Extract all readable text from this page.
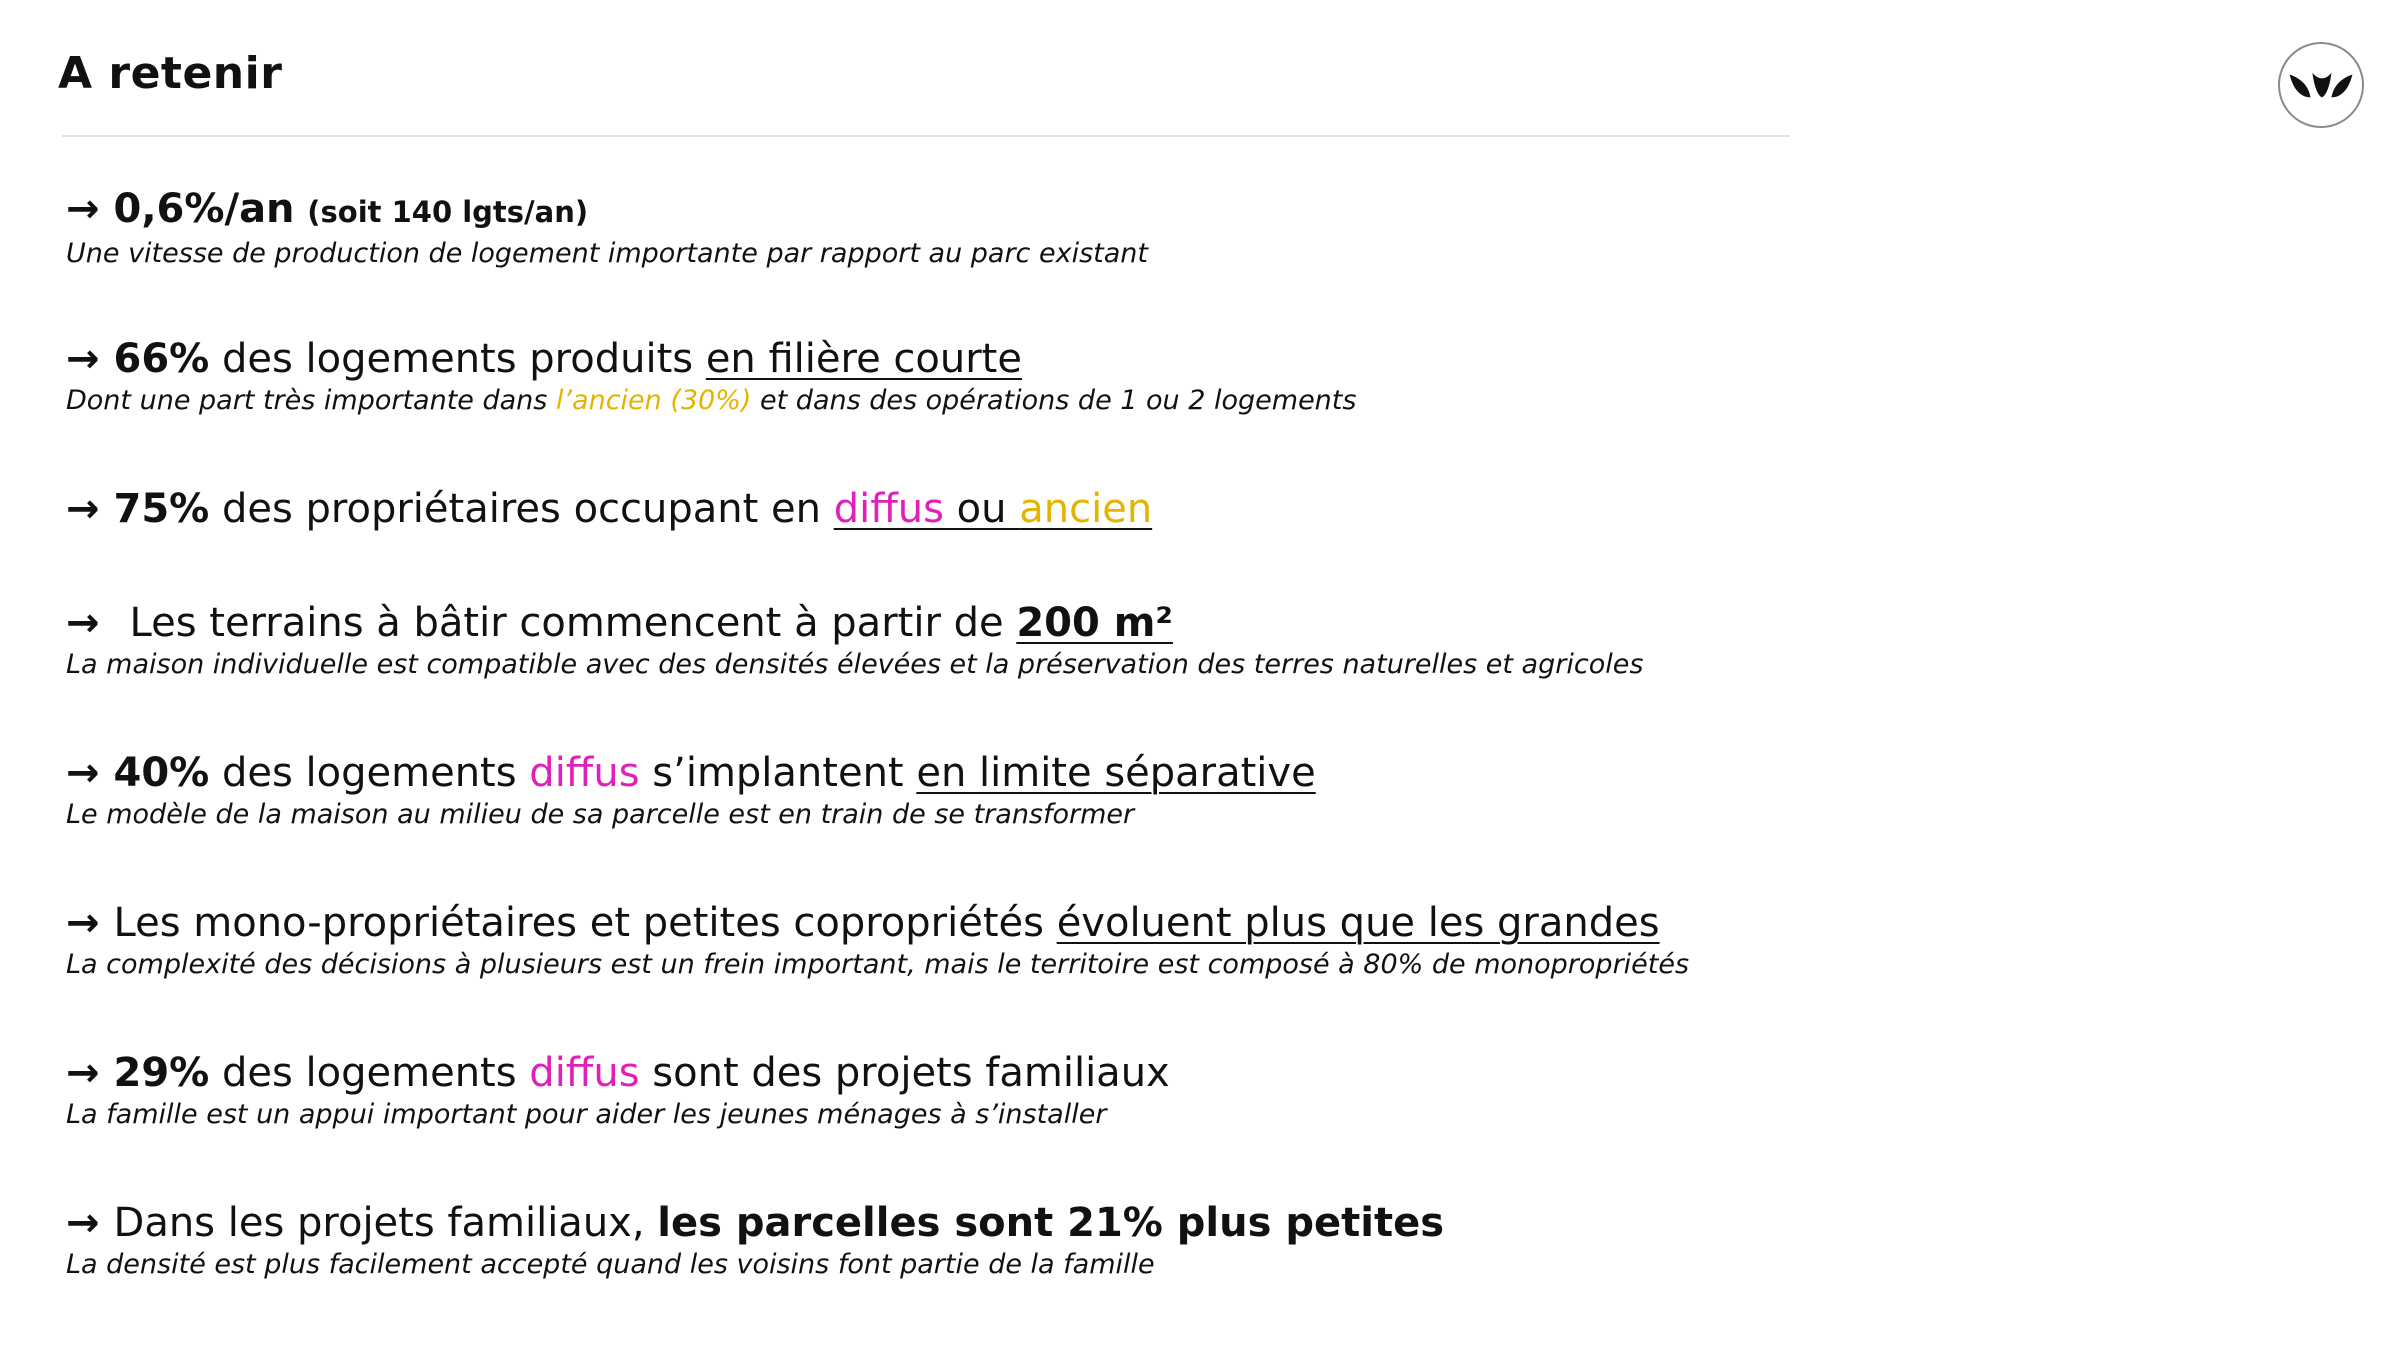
A retenir
→ 0,6%/an (soit 140 lgts/an)
Une vitesse de production de logement importante par rapport au parc existant
→ 66% des logements produits en filière courte
Dont une part très importante dans l’ancien (30%) et dans des opérations de 1 ou 2 logements
→ 75% des propriétaires occupant en diffus ou ancien
→ Les terrains à bâtir commencent à partir de 200 m²
La maison individuelle est compatible avec des densités élevées et la préservation des terres naturelles et agricoles
→ 40% des logements diffus s’implantent en limite séparative
Le modèle de la maison au milieu de sa parcelle est en train de se transformer
→ Les mono-propriétaires et petites copropriétés évoluent plus que les grandes
La complexité des décisions à plusieurs est un frein important, mais le territoire est composé à 80% de monopropriétés
→ 29% des logements diffus sont des projets familiaux
La famille est un appui important pour aider les jeunes ménages à s’installer
→ Dans les projets familiaux, les parcelles sont 21% plus petites
La densité est plus facilement accepté quand les voisins font partie de la famille
